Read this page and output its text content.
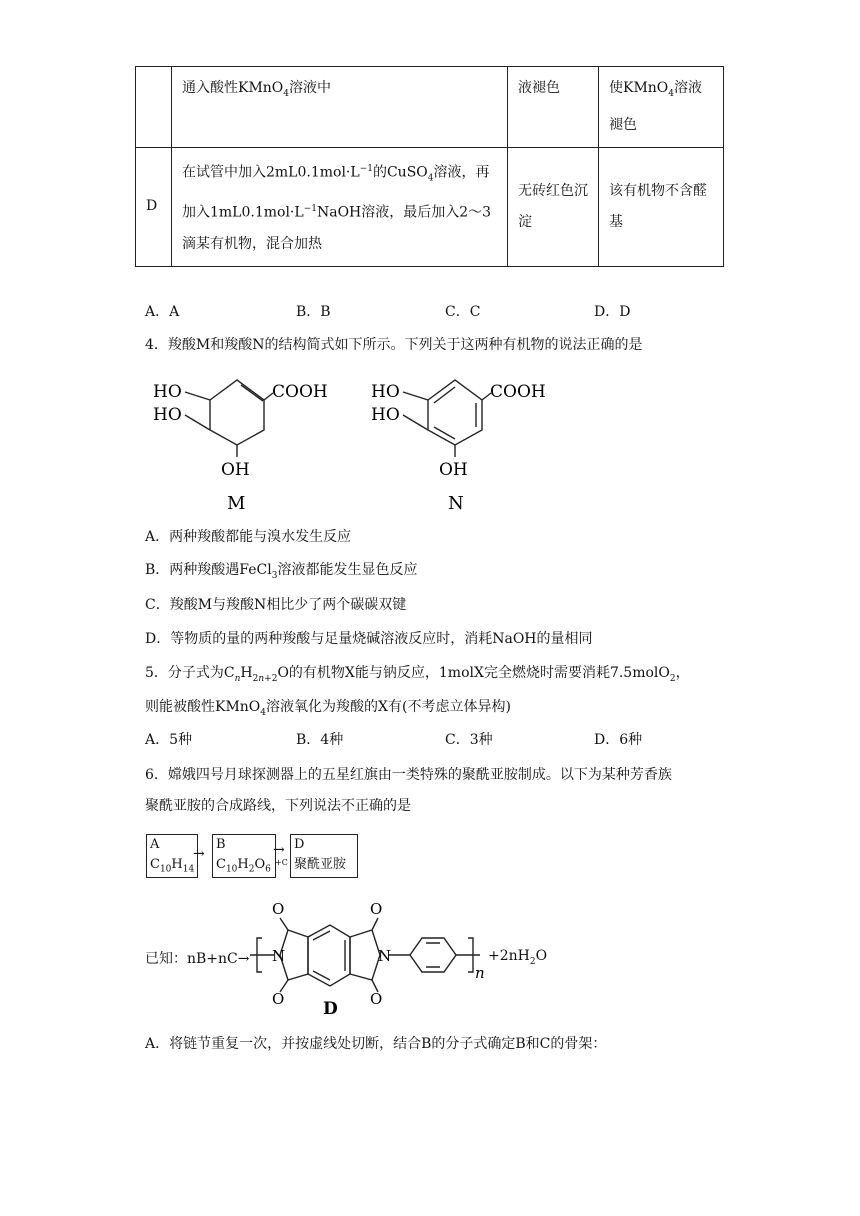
	通入酸性KMnO$_4$溶液中	液褪色	使KMnO$_4$溶液
褪色
D	在试管中加入$2mL0.1mol\cdot L^{-1}$的CuSO$_4$溶液，再加入$1mL0.1mol\cdot L^{-1}NaOH$溶液，最后加入2～3滴某有机物，混合加热	无砖红色沉淀	该有机物不含醛基
A．A	B．B	C．C	D．D
4．羧酸M和羧酸N的结构简式如下所示。下列关于这两种有机物的说法正确的是
HO
HO
COOH
OH
M
HO
HO
COOH
OH
N
A．两种羧酸都能与溴水发生反应
B．两种羧酸遇FeCl$_3$溶液都能发生显色反应
C．羧酸M与羧酸N相比少了两个碳碳双键
D．等物质的量的两种羧酸与足量烧碱溶液反应时，消耗NaOH的量相同
5．分子式为$C_nH_{2n+2}O$的有机物X能与钠反应，1molX完全燃烧时需要消耗7.5molO$_2$，
则能被酸性KMnO$_4$溶液氧化为羧酸的X有(不考虑立体异构)
A．5种	B．4种	C．3种	D．6种
6．嫦娥四号月球探测器上的五星红旗由一类特殊的聚酰亚胺制成。以下为某种芳香族
聚酰亚胺的合成路线，下列说法不正确的是
A
$C_{10}H_{14}$
→
B
$C_{10}H_2O_6$
→
+C
D
聚酰亚胺
已知：nB+nC→
O	O
O	O
N	N
n
D
$+2nH_2O$
A．将链节重复一次，并按虚线处切断，结合B的分子式确定B和C的骨架：
